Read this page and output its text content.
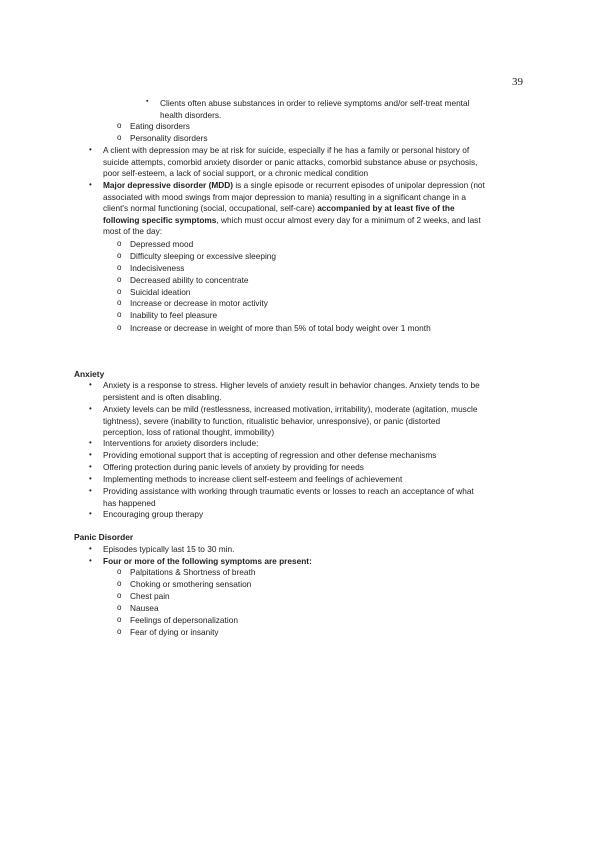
39
▪ Clients often abuse substances in order to relieve symptoms and/or self-treat mental
health disorders.
o Eating disorders
o Personality disorders
• A client with depression may be at risk for suicide, especially if he has a family or personal history of
suicide attempts, comorbid anxiety disorder or panic attacks, comorbid substance abuse or psychosis,
poor self-esteem, a lack of social support, or a chronic medical condition
• Major depressive disorder (MDD) is a single episode or recurrent episodes of unipolar depression (not
associated with mood swings from major depression to mania) resulting in a significant change in a
client's normal functioning (social, occupational, self-care) accompanied by at least five of the
following specific symptoms, which must occur almost every day for a minimum of 2 weeks, and last
most of the day:
o Depressed mood
o Difficulty sleeping or excessive sleeping
o Indecisiveness
o Decreased ability to concentrate
o Suicidal ideation
o Increase or decrease in motor activity
o Inability to feel pleasure
o Increase or decrease in weight of more than 5% of total body weight over 1 month
Anxiety
• Anxiety is a response to stress. Higher levels of anxiety result in behavior changes. Anxiety tends to be
persistent and is often disabling.
• Anxiety levels can be mild (restlessness, increased motivation, irritability), moderate (agitation, muscle
tightness), severe (inability to function, ritualistic behavior, unresponsive), or panic (distorted
perception, loss of rational thought, immobility)
• Interventions for anxiety disorders include:
• Providing emotional support that is accepting of regression and other defense mechanisms
• Offering protection during panic levels of anxiety by providing for needs
• Implementing methods to increase client self-esteem and feelings of achievement
• Providing assistance with working through traumatic events or losses to reach an acceptance of what
has happened
• Encouraging group therapy
Panic Disorder
• Episodes typically last 15 to 30 min.
• Four or more of the following symptoms are present:
o Palpitations & Shortness of breath
o Choking or smothering sensation
o Chest pain
o Nausea
o Feelings of depersonalization
o Fear of dying or insanity
